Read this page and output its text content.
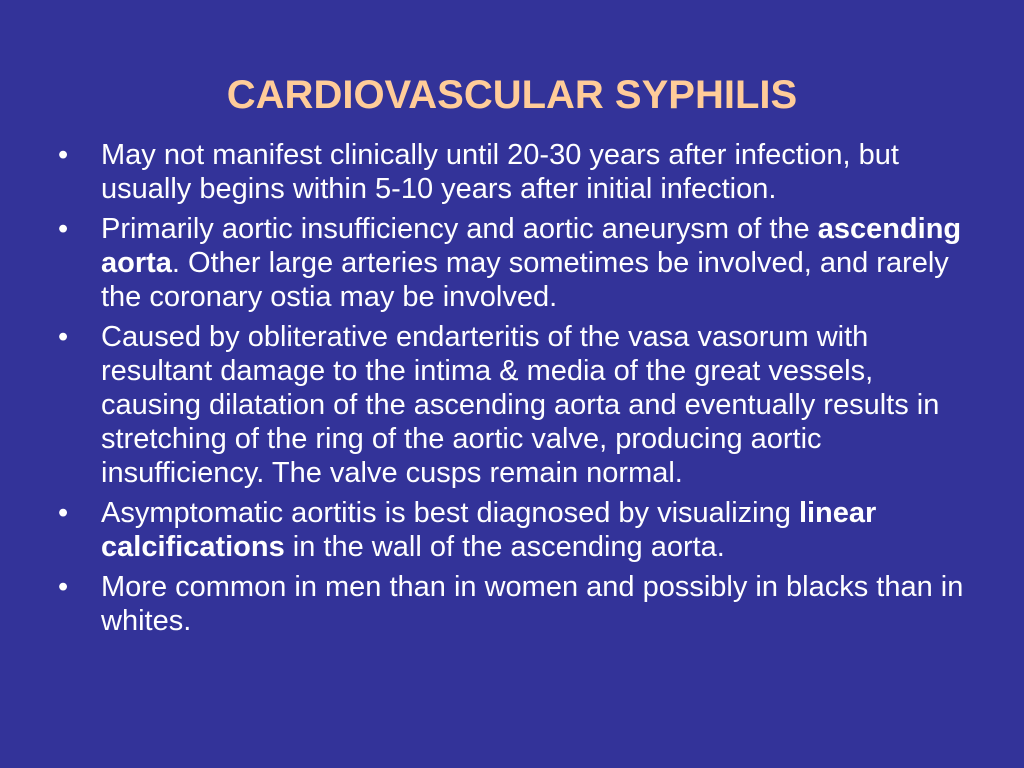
CARDIOVASCULAR SYPHILIS
•	May not manifest clinically until 20-30 years after infection, but usually begins within 5-10 years after initial infection.
•	Primarily aortic insufficiency and aortic aneurysm of the ascending aorta. Other large arteries may sometimes be involved, and rarely the coronary ostia may be involved.
•	Caused by obliterative endarteritis of the vasa vasorum with resultant damage to the intima & media of the great vessels, causing dilatation of the ascending aorta and eventually results in stretching of the ring of the aortic valve, producing aortic insufficiency. The valve cusps remain normal.
•	Asymptomatic aortitis is best diagnosed by visualizing linear calcifications in the wall of the ascending aorta.
•	More common in men than in women and possibly in blacks than in whites.
